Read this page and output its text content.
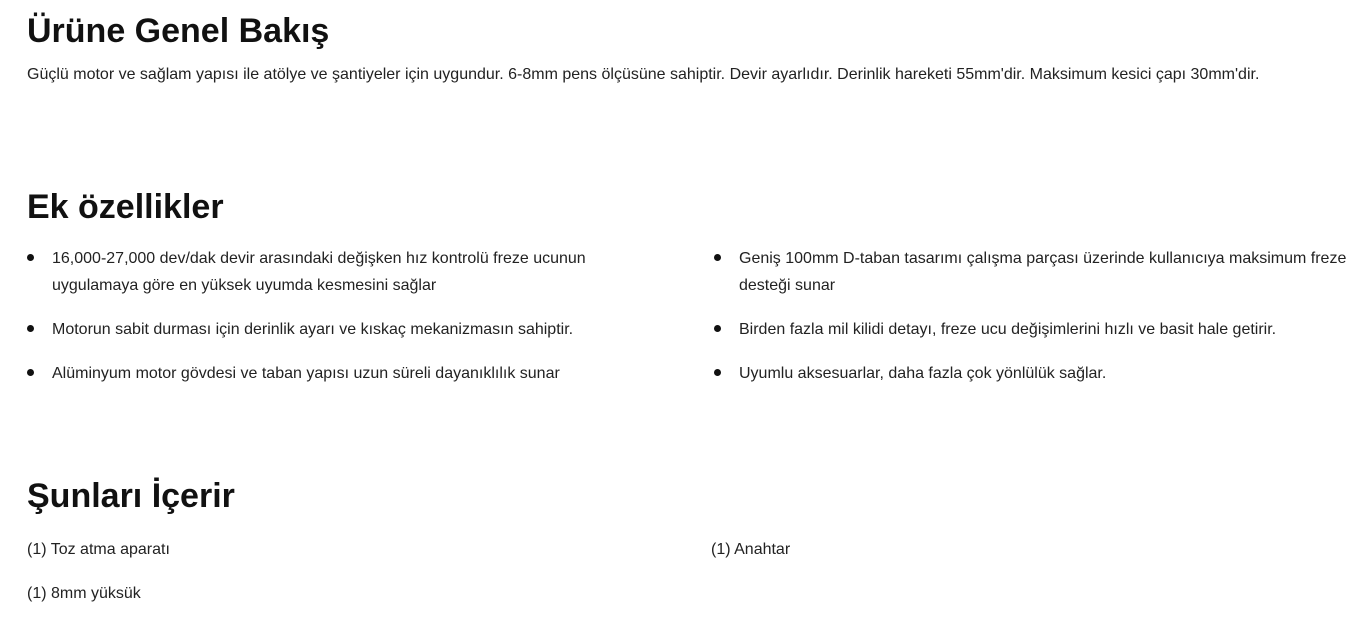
Ürüne Genel Bakış

Güçlü motor ve sağlam yapısı ile atölye ve şantiyeler için uygundur. 6-8mm pens ölçüsüne sahiptir. Devir ayarlıdır. Derinlik hareketi 55mm'dir. Maksimum kesici çapı 30mm'dir.

Ek özellikler
16,000-27,000 dev/dak devir arasındaki değişken hız kontrolü freze ucunun uygulamaya göre en yüksek uyumda kesmesini sağlar
Motorun sabit durması için derinlik ayarı ve kıskaç mekanizmasın sahiptir.
Alüminyum motor gövdesi ve taban yapısı uzun süreli dayanıklılık sunar
Geniş 100mm D-taban tasarımı çalışma parçası üzerinde kullanıcıya maksimum freze desteği sunar
Birden fazla mil kilidi detayı, freze ucu değişimlerini hızlı ve basit hale getirir.
Uyumlu aksesuarlar, daha fazla çok yönlülük sağlar.
Şunları İçerir
(1) Toz atma aparatı	(1) Anahtar
(1) 8mm yüksük
